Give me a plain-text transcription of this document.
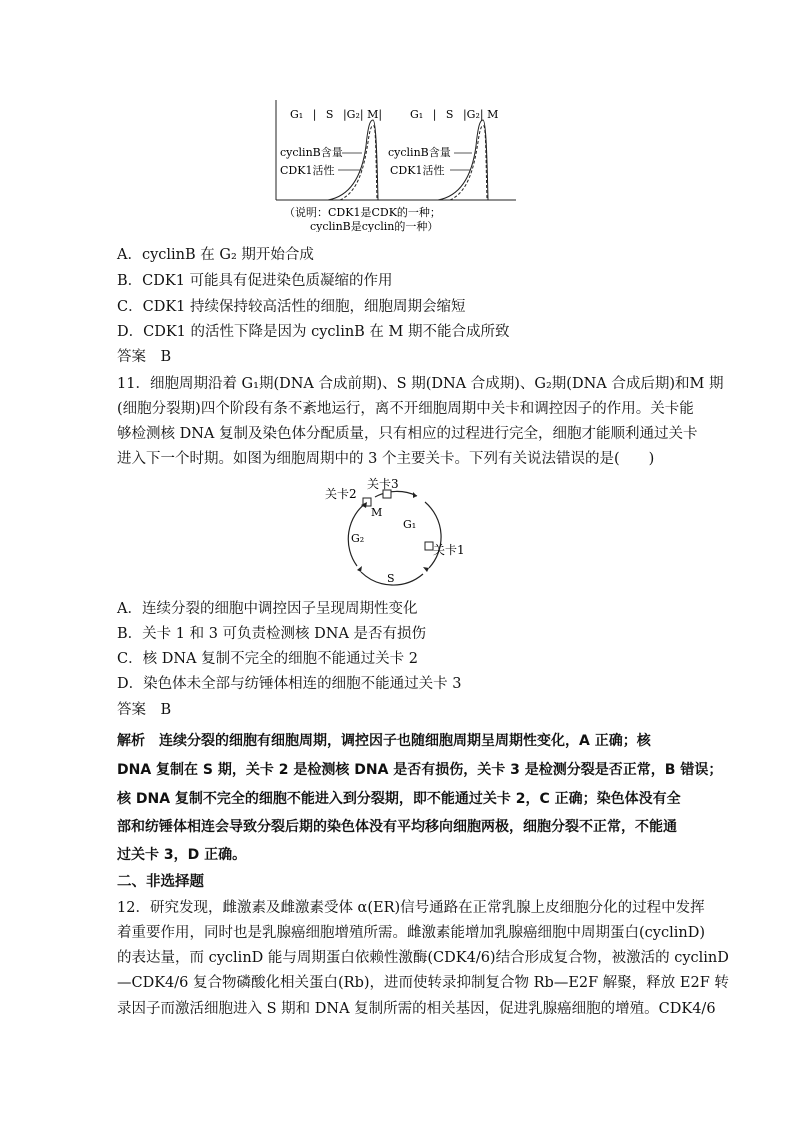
G₁ | S |G₂| M|	G₁ | S |G₂| M
cyclinB含量
CDK1活性
cyclinB含量
CDK1活性
（说明：CDK1是CDK的一种；
cyclinB是cyclin的一种）
A．cyclinB 在 G₂ 期开始合成
B．CDK1 可能具有促进染色质凝缩的作用
C．CDK1 持续保持较高活性的细胞，细胞周期会缩短
D．CDK1 的活性下降是因为 cyclinB 在 M 期不能合成所致
答案　B
11．细胞周期沿着 G₁期(DNA 合成前期)、S 期(DNA 合成期)、G₂期(DNA 合成后期)和M 期
(细胞分裂期)四个阶段有条不紊地运行，离不开细胞周期中关卡和调控因子的作用。关卡能
够检测核 DNA 复制及染色体分配质量，只有相应的过程进行完全，细胞才能顺利通过关卡
进入下一个时期。如图为细胞周期中的 3 个主要关卡。下列有关说法错误的是(　　)
关卡2
关卡3
M
G₁
关卡1
G₂
S
A．连续分裂的细胞中调控因子呈现周期性变化
B．关卡 1 和 3 可负责检测核 DNA 是否有损伤
C．核 DNA 复制不完全的细胞不能通过关卡 2
D．染色体未全部与纺锤体相连的细胞不能通过关卡 3
答案　B
解析　连续分裂的细胞有细胞周期，调控因子也随细胞周期呈周期性变化，A 正确；核
DNA 复制在 S 期，关卡 2 是检测核 DNA 是否有损伤，关卡 3 是检测分裂是否正常，B 错误；
核 DNA 复制不完全的细胞不能进入到分裂期，即不能通过关卡 2，C 正确；染色体没有全
部和纺锤体相连会导致分裂后期的染色体没有平均移向细胞两极，细胞分裂不正常，不能通
过关卡 3，D 正确。
二、非选择题
12．研究发现，雌激素及雌激素受体 α(ER)信号通路在正常乳腺上皮细胞分化的过程中发挥
着重要作用，同时也是乳腺癌细胞增殖所需。雌激素能增加乳腺癌细胞中周期蛋白(cyclinD)
的表达量，而 cyclinD 能与周期蛋白依赖性激酶(CDK4/6)结合形成复合物，被激活的 cyclinD
—CDK4/6 复合物磷酸化相关蛋白(Rb)，进而使转录抑制复合物 Rb—E2F 解聚，释放 E2F 转
录因子而激活细胞进入 S 期和 DNA 复制所需的相关基因，促进乳腺癌细胞的增殖。CDK4/6
